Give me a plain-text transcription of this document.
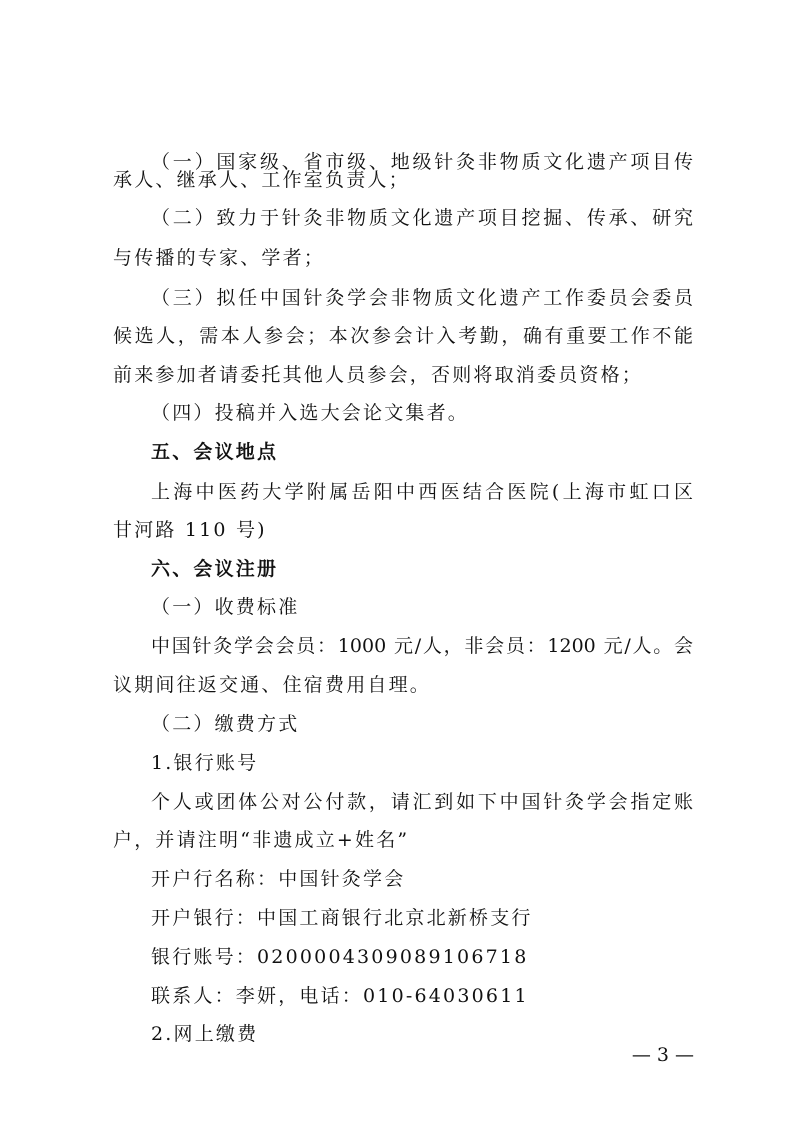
（一）国家级、省市级、地级针灸非物质文化遗产项目传
承人、继承人、工作室负责人；
（二）致力于针灸非物质文化遗产项目挖掘、传承、研究
与传播的专家、学者；
（三）拟任中国针灸学会非物质文化遗产工作委员会委员
候选人，需本人参会；本次参会计入考勤，确有重要工作不能
前来参加者请委托其他人员参会，否则将取消委员资格；
（四）投稿并入选大会论文集者。
五、会议地点
上海中医药大学附属岳阳中西医结合医院(上海市虹口区
甘河路 110 号)
六、会议注册
（一）收费标准
中国针灸学会会员：1000 元/人，非会员：1200 元/人。会
议期间往返交通、住宿费用自理。
（二）缴费方式
1.银行账号
个人或团体公对公付款，请汇到如下中国针灸学会指定账
户，并请注明“非遗成立+姓名”
开户行名称：中国针灸学会
开户银行：中国工商银行北京北新桥支行
银行账号：0200004309089106718
联系人：李妍，电话：010-64030611
2.网上缴费
— 3 —
